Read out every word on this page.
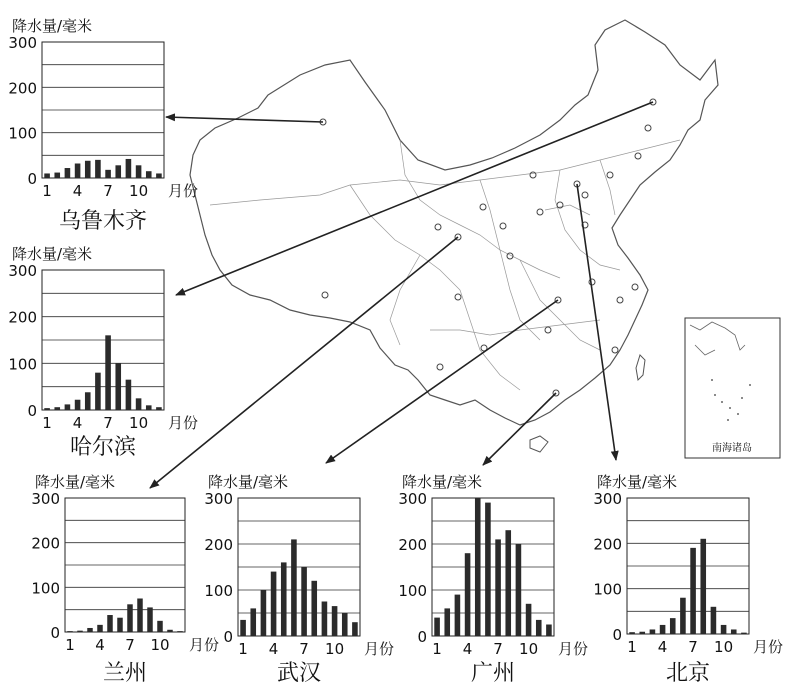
南海诸岛
0
100
200
300
降水量/毫米
1 4 7 10 月份
乌鲁木齐
0
100
200
300
降水量/毫米
1 4 7 10 月份
哈尔滨
0
100
200
300
降水量/毫米
1 4 7 10 月份
兰州
0
100
200
300
降水量/毫米
1 4 7 10 月份
武汉
0
100
200
300
降水量/毫米
1 4 7 10 月份
广州
0
100
200
300
降水量/毫米
1 4 7 10 月份
北京
